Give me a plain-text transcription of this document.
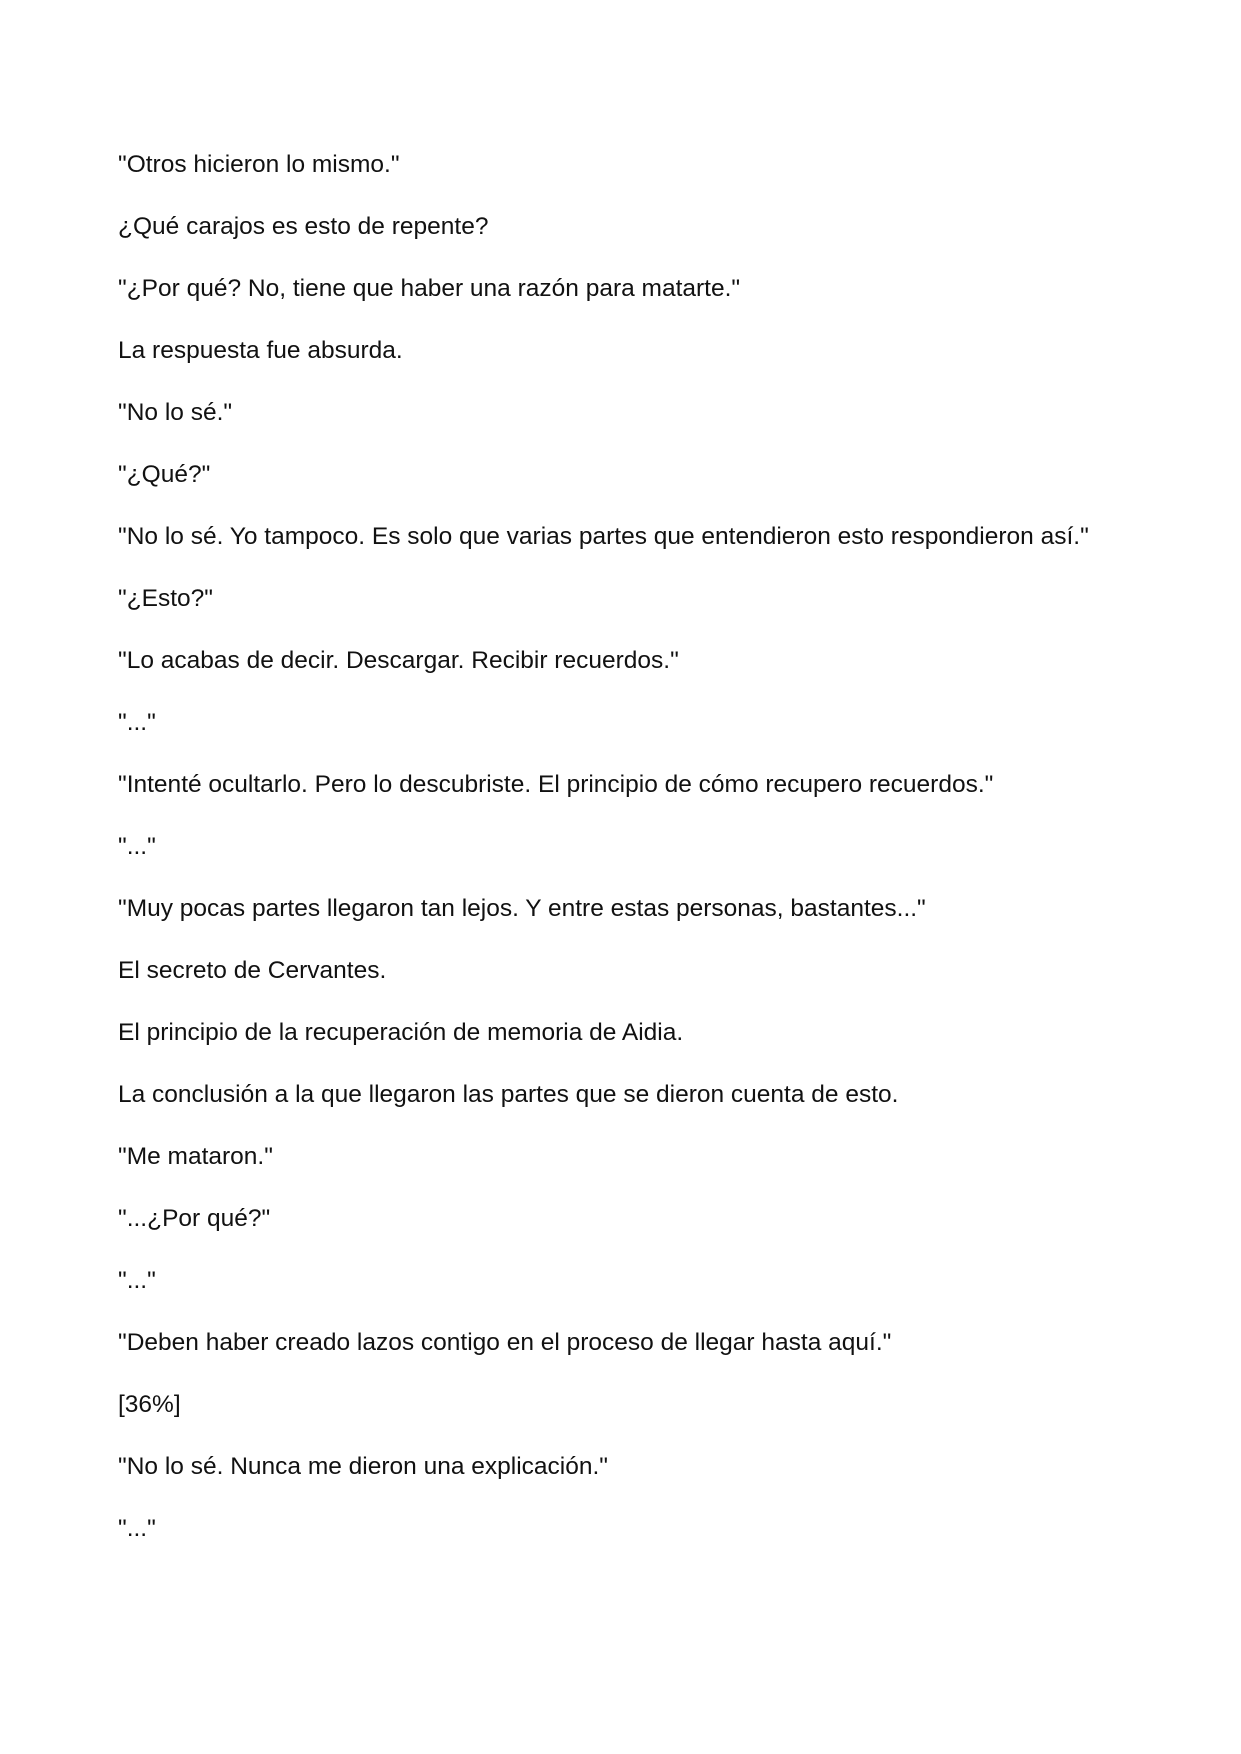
"Otros hicieron lo mismo."

¿Qué carajos es esto de repente?

"¿Por qué? No, tiene que haber una razón para matarte."

La respuesta fue absurda.

"No lo sé."

"¿Qué?"

"No lo sé. Yo tampoco. Es solo que varias partes que entendieron esto respondieron así."

"¿Esto?"

"Lo acabas de decir. Descargar. Recibir recuerdos."

"..."

"Intenté ocultarlo. Pero lo descubriste. El principio de cómo recupero recuerdos."

"..."

"Muy pocas partes llegaron tan lejos. Y entre estas personas, bastantes..."

El secreto de Cervantes.

El principio de la recuperación de memoria de Aidia.

La conclusión a la que llegaron las partes que se dieron cuenta de esto.

"Me mataron."

"...¿Por qué?"

"..."

"Deben haber creado lazos contigo en el proceso de llegar hasta aquí."

[36%]

"No lo sé. Nunca me dieron una explicación."

"..."
